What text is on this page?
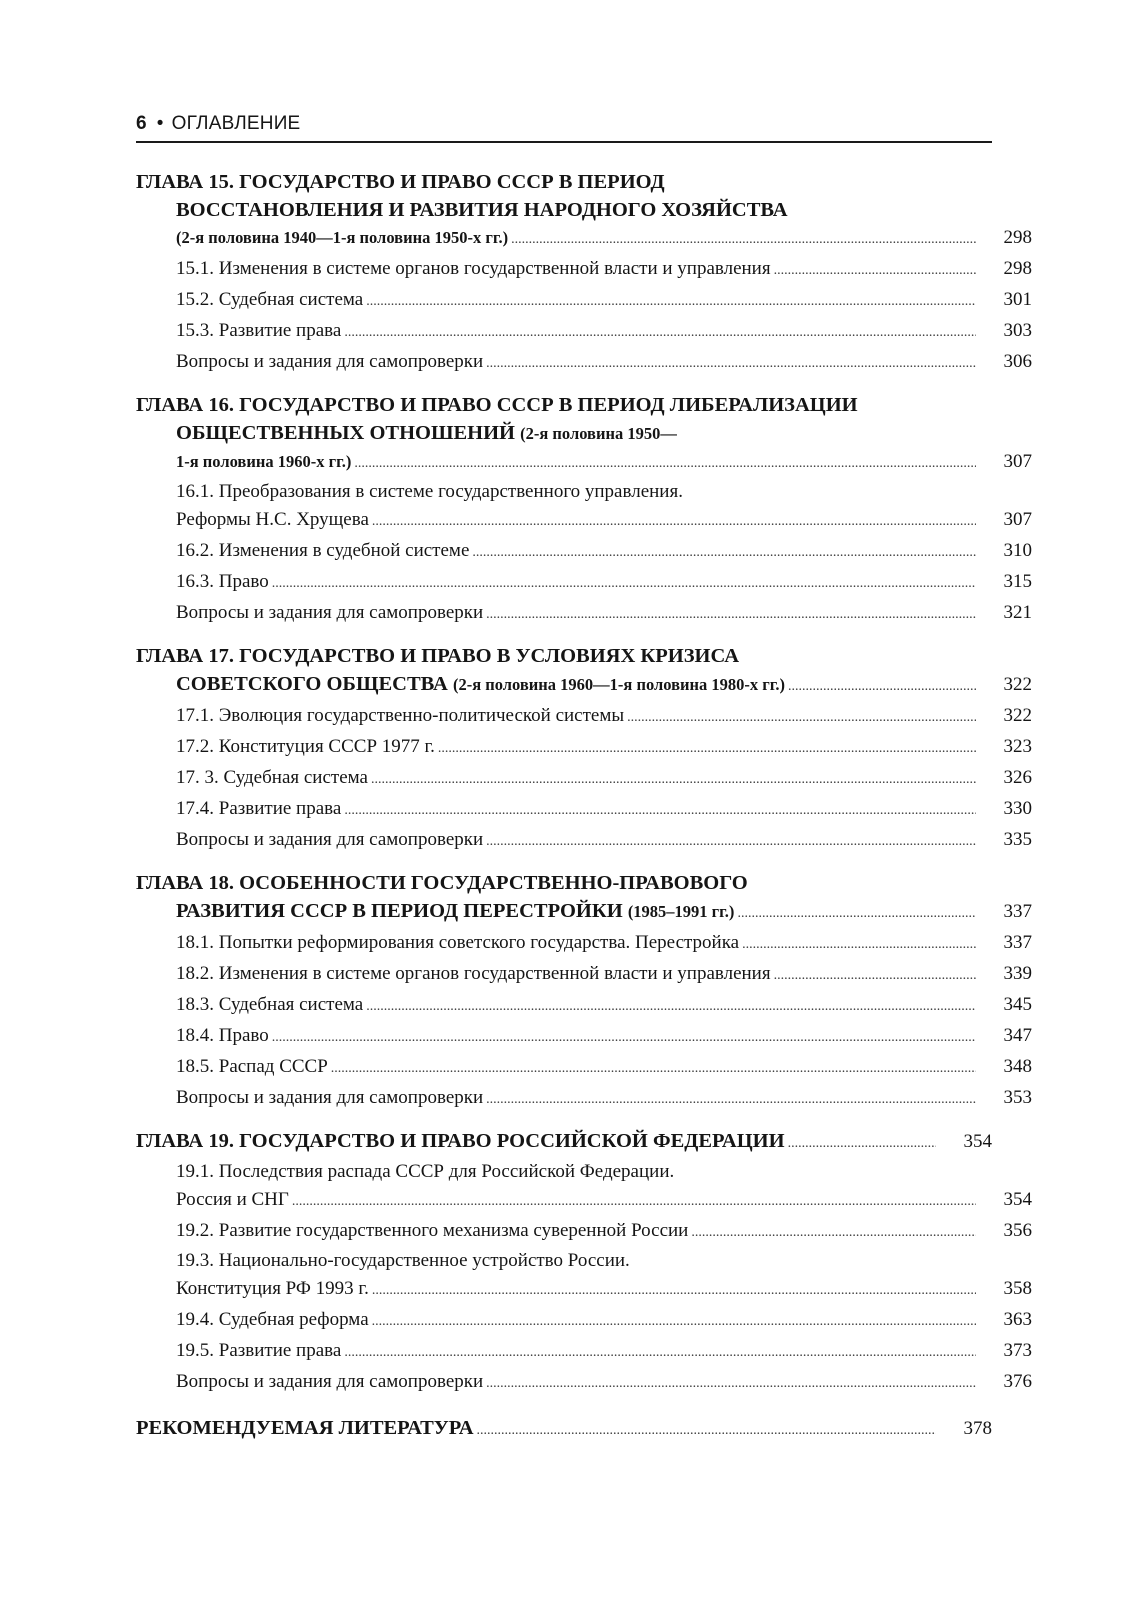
6 • ОГЛАВЛЕНИЕ
ГЛАВА 15. ГОСУДАРСТВО И ПРАВО СССР В ПЕРИОД
ВОССТАНОВЛЕНИЯ И РАЗВИТИЯ НАРОДНОГО ХОЗЯЙСТВА
(2-я половина 1940—1-я половина 1950-х гг.) .....	298
15.1. Изменения в системе органов государственной власти и управления .....	298
15.2. Судебная система .....	301
15.3. Развитие права .....	303
Вопросы и задания для самопроверки .....	306
ГЛАВА 16. ГОСУДАРСТВО И ПРАВО СССР В ПЕРИОД ЛИБЕРАЛИЗАЦИИ
ОБЩЕСТВЕННЫХ ОТНОШЕНИЙ (2-я половина 1950—
1-я половина 1960-х гг.) .....	307
16.1. Преобразования в системе государственного управления.
Реформы Н.С. Хрущева .....	307
16.2. Изменения в судебной системе .....	310
16.3. Право .....	315
Вопросы и задания для самопроверки .....	321
ГЛАВА 17. ГОСУДАРСТВО И ПРАВО В УСЛОВИЯХ КРИЗИСА
СОВЕТСКОГО ОБЩЕСТВА (2-я половина 1960—1-я половина 1980-х гг.) .....	322
17.1. Эволюция государственно-политической системы .....	322
17.2. Конституция СССР 1977 г. .....	323
17. 3. Судебная система .....	326
17.4. Развитие права .....	330
Вопросы и задания для самопроверки .....	335
ГЛАВА 18. ОСОБЕННОСТИ ГОСУДАРСТВЕННО-ПРАВОВОГО
РАЗВИТИЯ СССР В ПЕРИОД ПЕРЕСТРОЙКИ (1985–1991 гг.) .....	337
18.1. Попытки реформирования советского государства. Перестройка .....	337
18.2. Изменения в системе органов государственной власти и управления .....	339
18.3. Судебная система .....	345
18.4. Право .....	347
18.5. Распад СССР .....	348
Вопросы и задания для самопроверки .....	353
ГЛАВА 19. ГОСУДАРСТВО И ПРАВО РОССИЙСКОЙ ФЕДЕРАЦИИ .....	354
19.1. Последствия распада СССР для Российской Федерации.
Россия и СНГ .....	354
19.2. Развитие государственного механизма суверенной России .....	356
19.3. Национально-государственное устройство России.
Конституция РФ 1993 г. .....	358
19.4. Судебная реформа .....	363
19.5. Развитие права .....	373
Вопросы и задания для самопроверки .....	376
РЕКОМЕНДУЕМАЯ ЛИТЕРАТУРА .....	378
